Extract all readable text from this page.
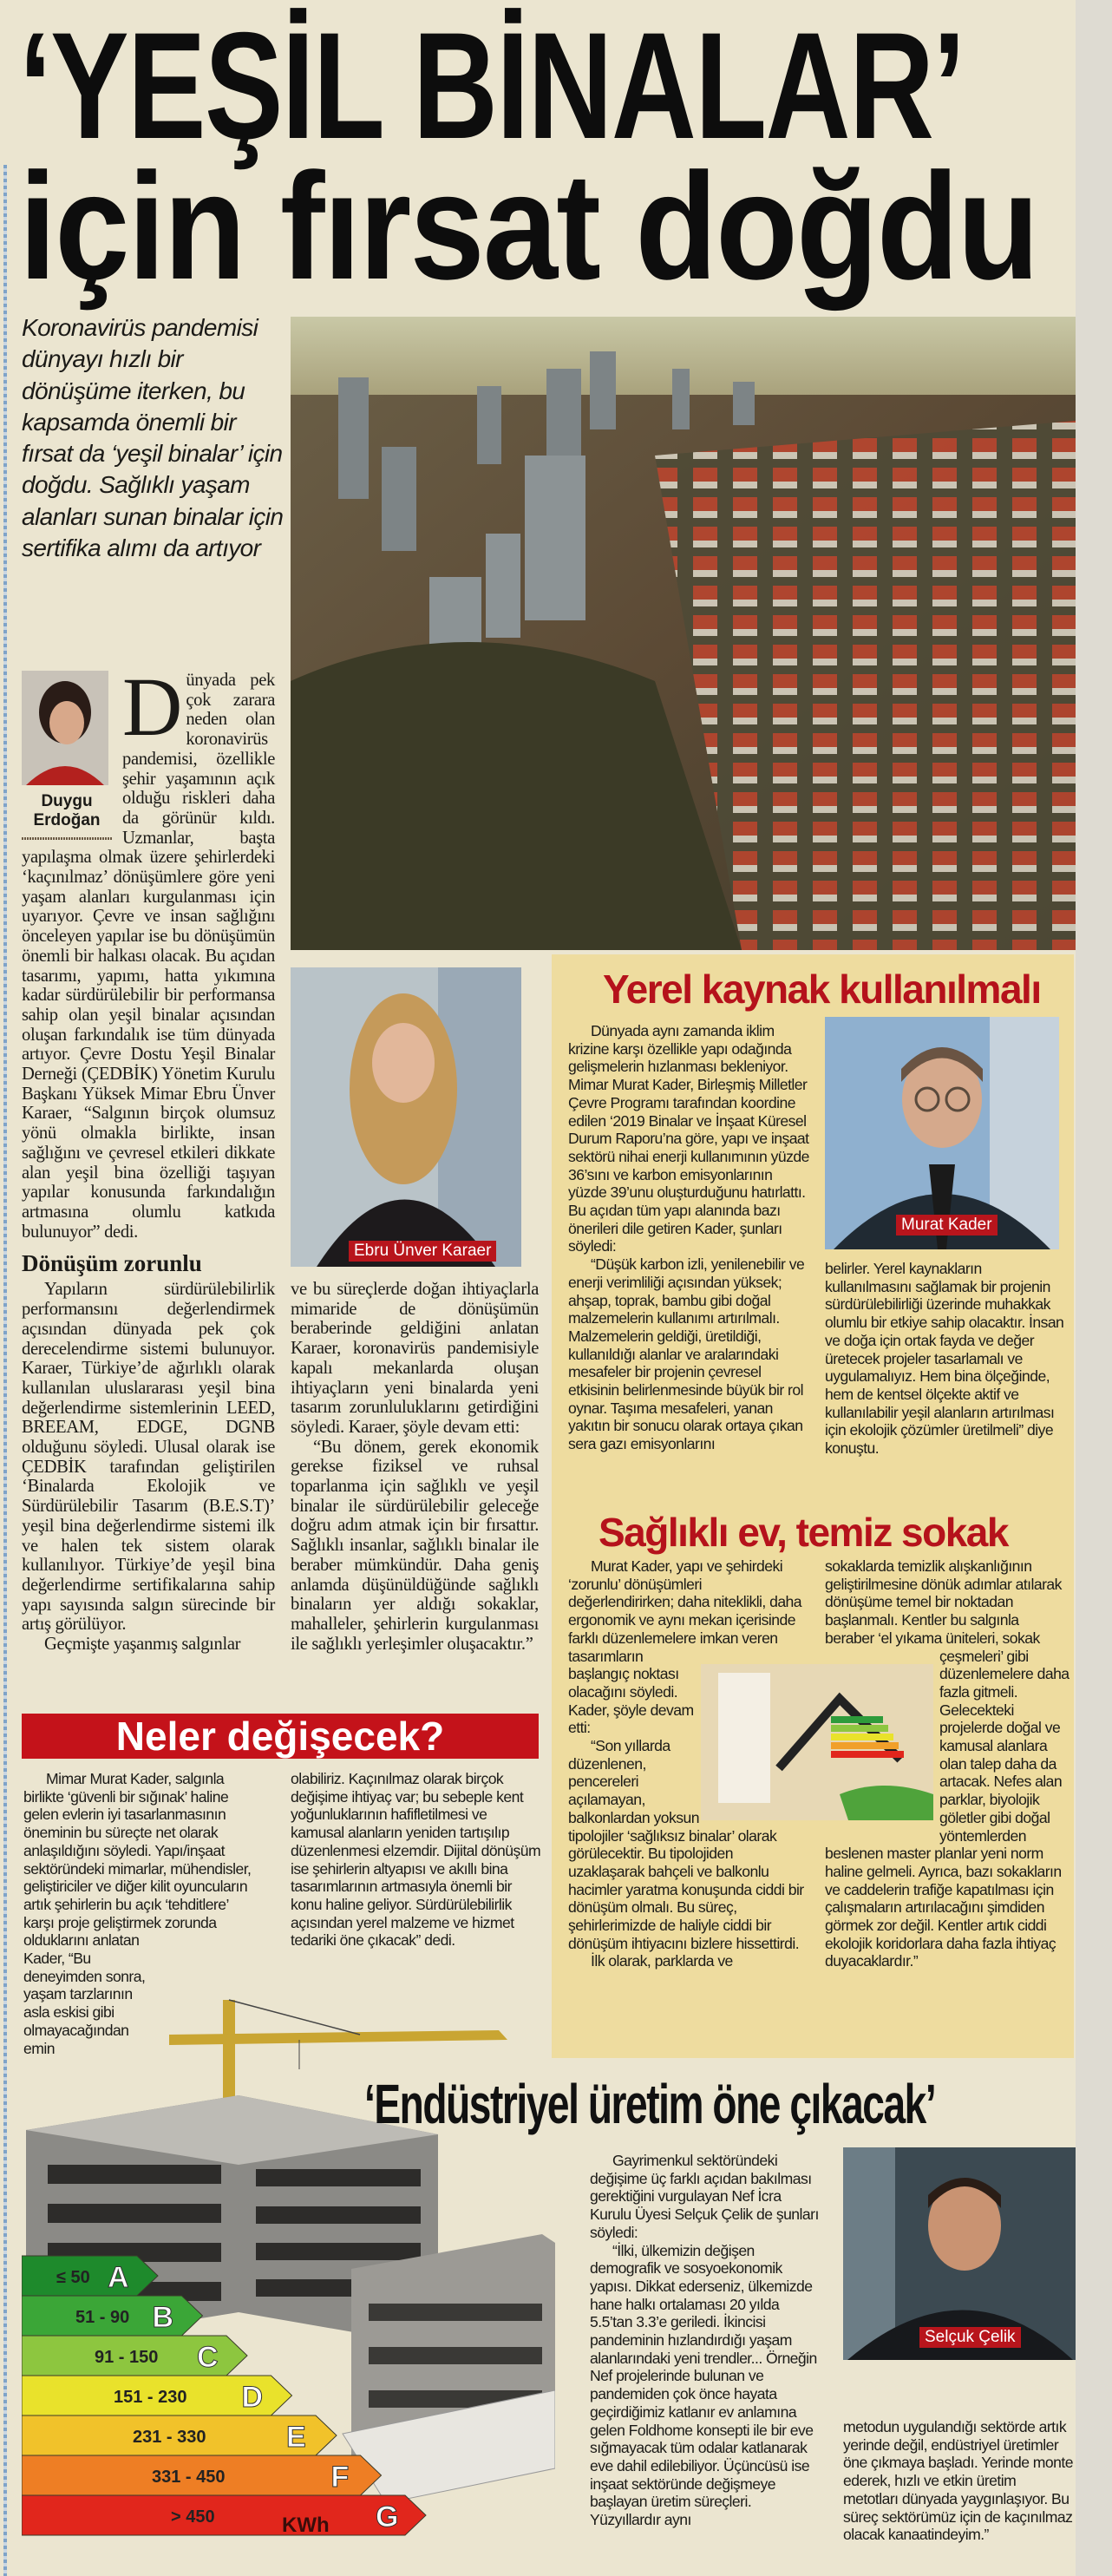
‘YEŞİL BİNALAR’
için fırsat doğdu
Koronavirüs pandemisi dünyayı hızlı bir dönüşüme iterken, bu kapsamda önemli bir fırsat da ‘yeşil binalar’ için doğdu. Sağlıklı yaşam alanları sunan binalar için sertifika alımı da artıyor
Duygu
Erdoğan

Dünyada pek çok zarara neden olan koronavirüs pandemisi, özellikle şehir yaşamının açık olduğu riskleri daha da görünür kıldı. Uzmanlar, başta yapılaşma olmak üzere şehirlerdeki ‘kaçınılmaz’ dönüşümlere göre yeni yaşam alanları kurgulanması için uyarıyor. Çevre ve insan sağlığını önceleyen yapılar ise bu dönüşümün önemli bir halkası olacak. Bu açıdan tasarımı, yapımı, hatta yıkımına kadar sürdürülebilir bir performansa sahip olan yeşil binalar açısından oluşan farkındalık ise tüm dünyada artıyor. Çevre Dostu Yeşil Binalar Derneği (ÇEDBİK) Yönetim Kurulu Başkanı Yüksek Mimar Ebru Ünver Karaer, “Salgının birçok olumsuz yönü olmakla birlikte, insan sağlığını ve çevresel etkileri dikkate alan yeşil bina özelliği taşıyan yapılar konusunda farkındalığın artmasına olumlu katkıda bulunuyor” dedi.

Dönüşüm zorunlu

Yapıların sürdürülebilirlik performansını değerlendirmek açısından dünyada pek çok derecelendirme sistemi bulunuyor. Karaer, Türkiye’de ağırlıklı olarak kullanılan uluslararası yeşil bina değerlendirme sistemlerinin LEED, BREEAM, EDGE, DGNB olduğunu söyledi. Ulusal olarak ise ÇEDBİK tarafından geliştirilen ‘Binalarda Ekolojik ve Sürdürülebilir Tasarım (B.E.S.T)’ yeşil bina değerlendirme sistemi ilk ve halen tek sistem olarak kullanılıyor. Türkiye’de yeşil bina değerlendirme sertifikalarına sahip yapı sayısında salgın sürecinde bir artış görülüyor.

Geçmişte yaşanmış salgınlar

Ebru Ünver Karaer

ve bu süreçlerde doğan ihtiyaçlarla mimaride de dönüşümün beraberinde geldiğini anlatan Karaer, koronavirüs pandemisiyle kapalı mekanlarda oluşan ihtiyaçların yeni binalarda yeni tasarım zorunluluklarını getirdiğini söyledi. Karaer, şöyle devam etti:

“Bu dönem, gerek ekonomik gerekse fiziksel ve ruhsal toparlanma için sağlıklı ve yeşil binalar ile sürdürülebilir geleceğe doğru adım atmak için bir fırsattır. Sağlıklı insanlar, sağlıklı binalar ile beraber mümkündür. Daha geniş anlamda düşünüldüğünde sağlıklı binaların yer aldığı sokaklar, mahalleler, şehirlerin kurgulanması ile sağlıklı yerleşimler oluşacaktır.”

Neler değişecek?

Mimar Murat Kader, salgınla birlikte ‘güvenli bir sığınak’ haline gelen evlerin iyi tasarlanmasının öneminin bu süreçte net olarak anlaşıldığını söyledi. Yapı/inşaat sektöründeki mimarlar, mühendisler, geliştiriciler ve diğer kilit oyuncuların artık şehirlerin bu açık ‘tehditlere’ karşı proje geliştirmek zorunda olduklarını anlatan Kader, “Bu deneyimden sonra, yaşam tarzlarının asla eskisi gibi olmayacağından emin

olabiliriz. Kaçınılmaz olarak birçok değişime ihtiyaç var; bu sebeple kent yoğunluklarının hafifletilmesi ve kamusal alanların yeniden tartışılıp düzenlenmesi elzemdir. Dijital dönüşüm ise şehirlerin altyapısı ve akıllı bina tasarımlarının artmasıyla önemli bir konu haline geliyor. Sürdürülebilirlik açısından yerel malzeme ve hizmet tedariki öne çıkacak” dedi.

≤ 50 A
51 - 90 B
91 - 150 C
151 - 230 D
231 - 330	E
331 - 450	F
> 450	G
KWh
Yerel kaynak kullanılmalı

Dünyada aynı zamanda iklim krizine karşı özellikle yapı odağında gelişmelerin hızlanması bekleniyor. Mimar Murat Kader, Birleşmiş Milletler Çevre Programı tarafından koordine edilen ‘2019 Binalar ve İnşaat Küresel Durum Raporu’na göre, yapı ve inşaat sektörü nihai enerji kullanımının yüzde 36’sını ve karbon emisyonlarının yüzde 39’unu oluşturduğunu hatırlattı. Bu açıdan tüm yapı alanında bazı önerileri dile getiren Kader, şunları söyledi:

“Düşük karbon izli, yenilenebilir ve enerji verimliliği açısından yüksek; ahşap, toprak, bambu gibi doğal malzemelerin kullanımı artırılmalı. Malzemelerin geldiği, üretildiği, kullanıldığı alanlar ve aralarındaki mesafeler bir projenin çevresel etkisinin belirlenmesinde büyük bir rol oynar. Taşıma mesafeleri, yanan yakıtın bir sonucu olarak ortaya çıkan sera gazı emisyonlarını

Murat Kader

belirler. Yerel kaynakların kullanılmasını sağlamak bir projenin sürdürülebilirliği üzerinde muhakkak olumlu bir etkiye sahip olacaktır. İnsan ve doğa için ortak fayda ve değer üretecek projeler tasarlamalı ve uygulamalıyız. Hem bina ölçeğinde, hem de kentsel ölçekte aktif ve kullanılabilir yeşil alanların artırılması için ekolojik çözümler üretilmeli” diye konuştu.

Sağlıklı ev, temiz sokak

Murat Kader, yapı ve şehirdeki ‘zorunlu’ dönüşümleri değerlendirirken; daha niteklikli, daha ergonomik ve aynı mekan içerisinde farklı düzenlemelere imkan veren tasarımların başlangıç noktası olacağını söyledi. Kader, şöyle devam etti:

“Son yıllarda düzenlenen, pencereleri açılamayan, balkonlardan yoksun tipolojiler ‘sağlıksız binalar’ olarak görülecektir. Bu tipolojiden uzaklaşarak bahçeli ve balkonlu hacimler yaratma konuşunda ciddi bir dönüşüm olmalı. Bu süreç, şehirlerimizde de haliyle ciddi bir dönüşüm ihtiyacını bizlere hissettirdi.

İlk olarak, parklarda ve

sokaklarda temizlik alışkanlığının geliştirilmesine dönük adımlar atılarak dönüşüme temel bir noktadan başlanmalı. Kentler bu salgınla beraber ‘el yıkama üniteleri, sokak çeşmeleri’ gibi düzenlemelere daha fazla gitmeli. Gelecekteki projelerde doğal ve kamusal alanlara olan talep daha da artacak. Nefes alan parklar, biyolojik göletler gibi doğal yöntemlerden beslenen master planlar yeni norm haline gelmeli. Ayrıca, bazı sokakların ve caddelerin trafiğe kapatılması için çalışmaların artırılacağını şimdiden görmek zor değil. Kentler artık ciddi ekolojik koridorlara daha fazla ihtiyaç duyacaklardır.”

‘Endüstriyel üretim öne çıkacak’

Gayrimenkul sektöründeki değişime üç farklı açıdan bakılması gerektiğini vurgulayan Nef İcra Kurulu Üyesi Selçuk Çelik de şunları söyledi:

“İlki, ülkemizin değişen demografik ve sosyoekonomik yapısı. Dikkat ederseniz, ülkemizde hane halkı ortalaması 20 yılda 5.5’tan 3.3’e geriledi. İkincisi pandeminin hızlandırdığı yaşam alanlarındaki yeni trendler... Örneğin Nef projelerinde bulunan ve pandemiden çok önce hayata geçirdiğimiz katlanır ev anlamına gelen Foldhome konsepti ile bir eve sığmayacak tüm odalar katlanarak eve dahil edilebiliyor. Üçüncüsü ise inşaat sektöründe değişmeye başlayan üretim süreçleri. Yüzyıllardır aynı

Selçuk Çelik

metodun uygulandığı sektörde artık yerinde değil, endüstriyel üretimler öne çıkmaya başladı. Yerinde monte ederek, hızlı ve etkin üretim metotları dünyada yaygınlaşıyor. Bu süreç sektörümüz için de kaçınılmaz olacak kanaatindeyim.”
